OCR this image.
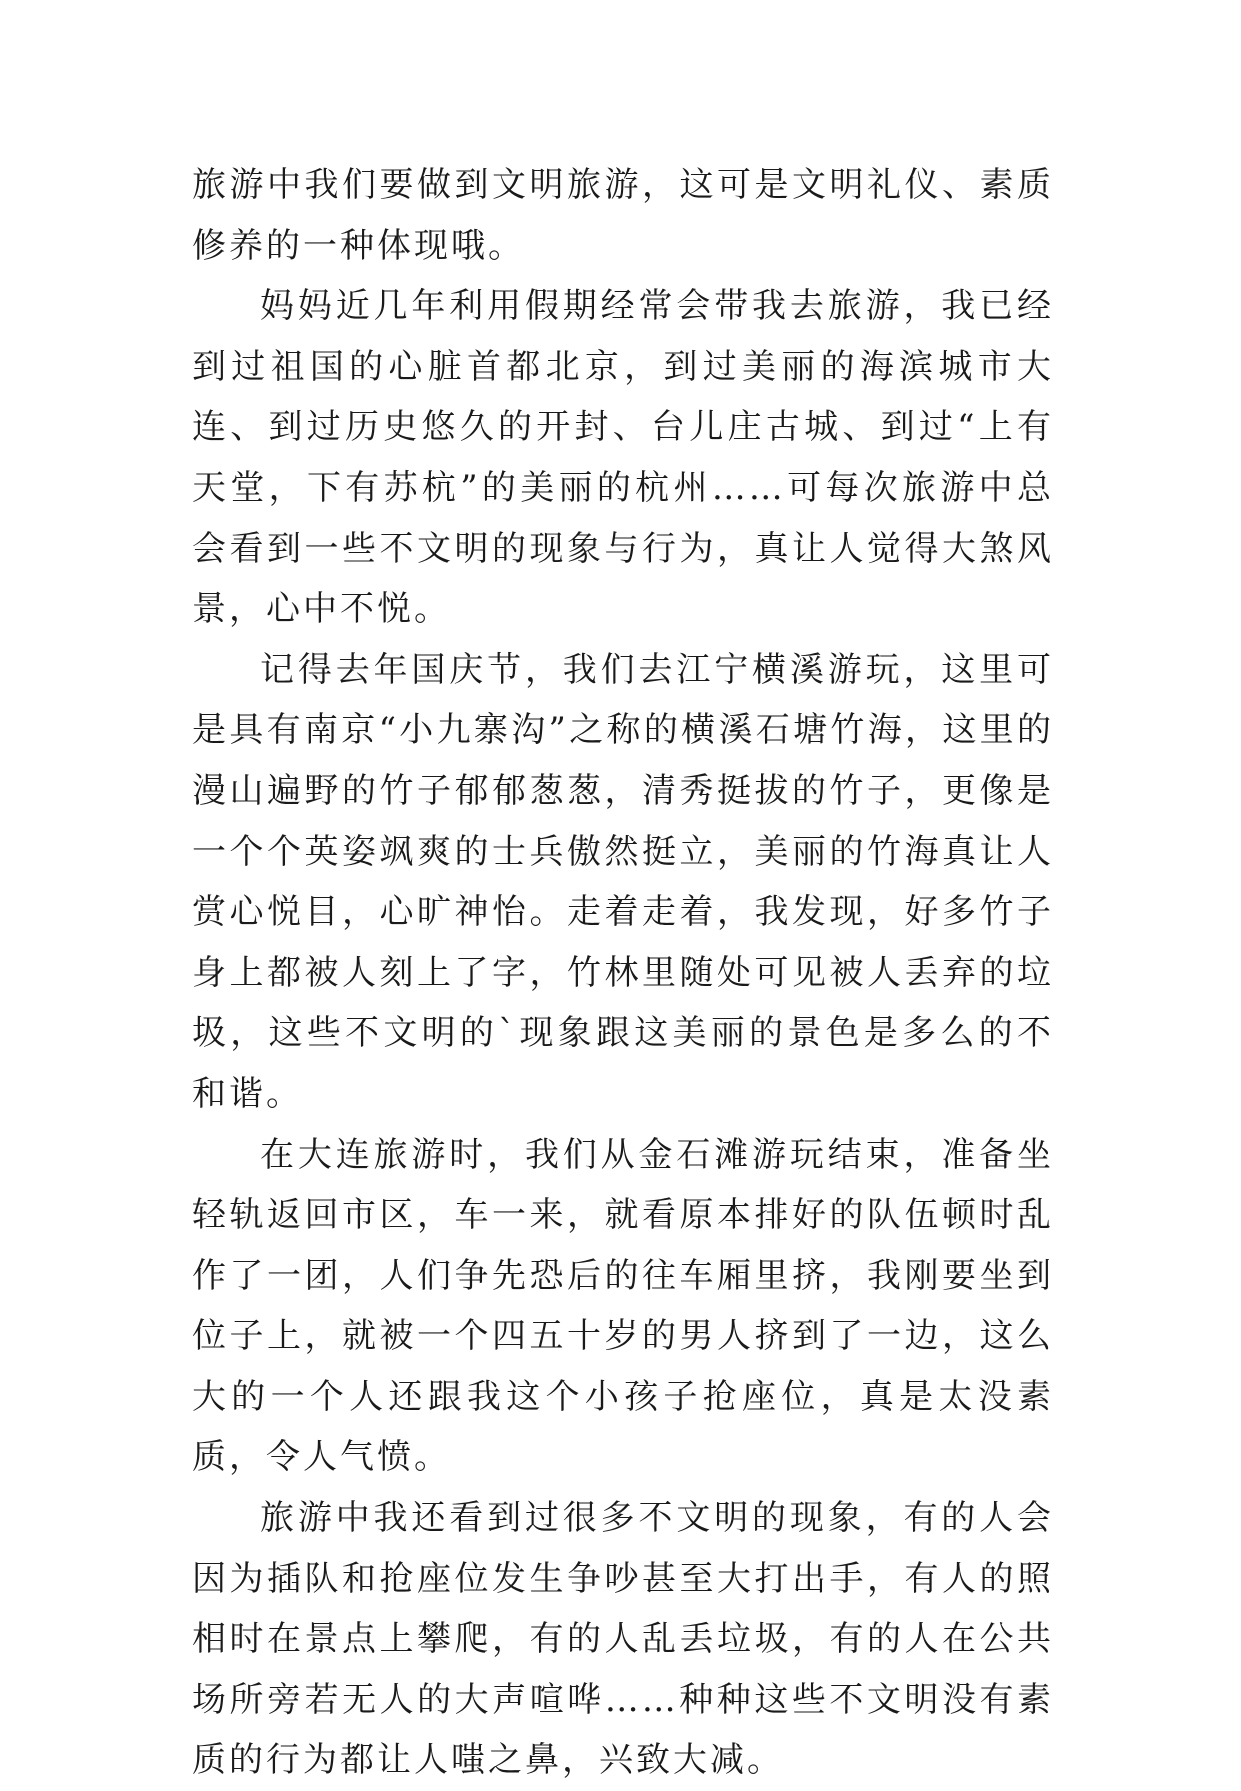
旅游中我们要做到文明旅游，这可是文明礼仪、素质修养的一种体现哦。

妈妈近几年利用假期经常会带我去旅游，我已经到过祖国的心脏首都北京，到过美丽的海滨城市大连、到过历史悠久的开封、台儿庄古城、到过“上有天堂，下有苏杭”的美丽的杭州……可每次旅游中总会看到一些不文明的现象与行为，真让人觉得大煞风景，心中不悦。

记得去年国庆节，我们去江宁横溪游玩，这里可是具有南京“小九寨沟”之称的横溪石塘竹海，这里的漫山遍野的竹子郁郁葱葱，清秀挺拔的竹子，更像是一个个英姿飒爽的士兵傲然挺立，美丽的竹海真让人赏心悦目，心旷神怡。走着走着，我发现，好多竹子身上都被人刻上了字，竹林里随处可见被人丢弃的垃圾，这些不文明的`现象跟这美丽的景色是多么的不和谐。

在大连旅游时，我们从金石滩游玩结束，准备坐轻轨返回市区，车一来，就看原本排好的队伍顿时乱作了一团，人们争先恐后的往车厢里挤，我刚要坐到位子上，就被一个四五十岁的男人挤到了一边，这么大的一个人还跟我这个小孩子抢座位，真是太没素质，令人气愤。

旅游中我还看到过很多不文明的现象，有的人会因为插队和抢座位发生争吵甚至大打出手，有人的照相时在景点上攀爬，有的人乱丢垃圾，有的人在公共场所旁若无人的大声喧哗……种种这些不文明没有素质的行为都让人嗤之鼻，兴致大减。
